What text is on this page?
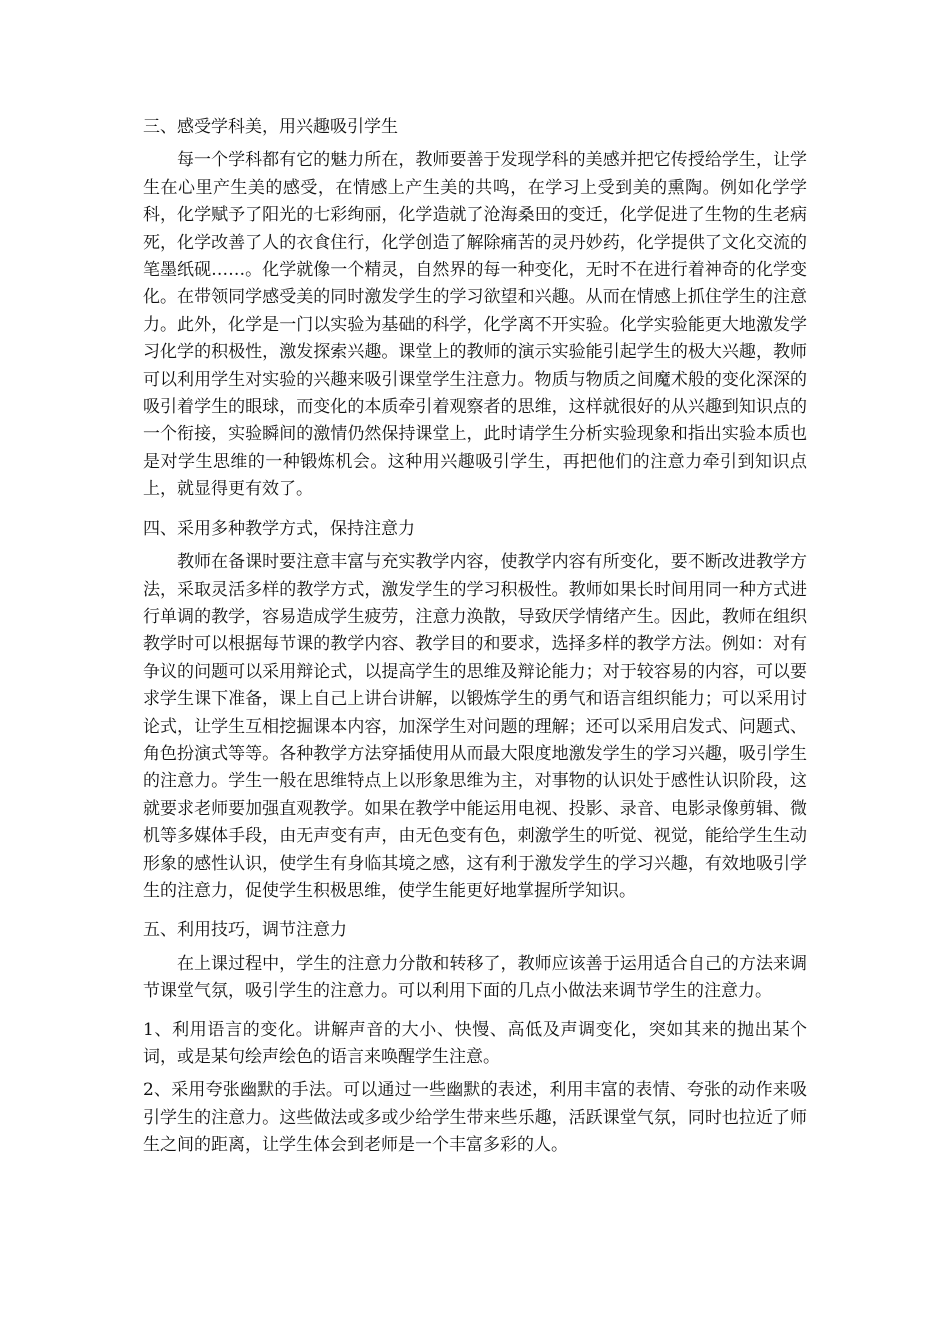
三、感受学科美，用兴趣吸引学生

每一个学科都有它的魅力所在，教师要善于发现学科的美感并把它传授给学生，让学生在心里产生美的感受，在情感上产生美的共鸣，在学习上受到美的熏陶。例如化学学科，化学赋予了阳光的七彩绚丽，化学造就了沧海桑田的变迁，化学促进了生物的生老病死，化学改善了人的衣食住行，化学创造了解除痛苦的灵丹妙药，化学提供了文化交流的笔墨纸砚……。化学就像一个精灵，自然界的每一种变化，无时不在进行着神奇的化学变化。在带领同学感受美的同时激发学生的学习欲望和兴趣。从而在情感上抓住学生的注意力。此外，化学是一门以实验为基础的科学，化学离不开实验。化学实验能更大地激发学习化学的积极性，激发探索兴趣。课堂上的教师的演示实验能引起学生的极大兴趣，教师可以利用学生对实验的兴趣来吸引课堂学生注意力。物质与物质之间魔术般的变化深深的吸引着学生的眼球，而变化的本质牵引着观察者的思维，这样就很好的从兴趣到知识点的一个衔接，实验瞬间的激情仍然保持课堂上，此时请学生分析实验现象和指出实验本质也是对学生思维的一种锻炼机会。这种用兴趣吸引学生，再把他们的注意力牵引到知识点上，就显得更有效了。

四、采用多种教学方式，保持注意力

教师在备课时要注意丰富与充实教学内容，使教学内容有所变化，要不断改进教学方法，采取灵活多样的教学方式，激发学生的学习积极性。教师如果长时间用同一种方式进行单调的教学，容易造成学生疲劳，注意力涣散，导致厌学情绪产生。因此，教师在组织教学时可以根据每节课的教学内容、教学目的和要求，选择多样的教学方法。例如：对有争议的问题可以采用辩论式，以提高学生的思维及辩论能力；对于较容易的内容，可以要求学生课下准备，课上自己上讲台讲解，以锻炼学生的勇气和语言组织能力；可以采用讨论式，让学生互相挖掘课本内容，加深学生对问题的理解；还可以采用启发式、问题式、角色扮演式等等。各种教学方法穿插使用从而最大限度地激发学生的学习兴趣，吸引学生的注意力。学生一般在思维特点上以形象思维为主，对事物的认识处于感性认识阶段，这就要求老师要加强直观教学。如果在教学中能运用电视、投影、录音、电影录像剪辑、微机等多媒体手段，由无声变有声，由无色变有色，刺激学生的听觉、视觉，能给学生生动形象的感性认识，使学生有身临其境之感，这有利于激发学生的学习兴趣，有效地吸引学生的注意力，促使学生积极思维，使学生能更好地掌握所学知识。

五、利用技巧，调节注意力

在上课过程中，学生的注意力分散和转移了，教师应该善于运用适合自己的方法来调节课堂气氛，吸引学生的注意力。可以利用下面的几点小做法来调节学生的注意力。

1、利用语言的变化。讲解声音的大小、快慢、高低及声调变化，突如其来的抛出某个词，或是某句绘声绘色的语言来唤醒学生注意。

2、采用夸张幽默的手法。可以通过一些幽默的表述，利用丰富的表情、夸张的动作来吸引学生的注意力。这些做法或多或少给学生带来些乐趣，活跃课堂气氛，同时也拉近了师生之间的距离，让学生体会到老师是一个丰富多彩的人。
